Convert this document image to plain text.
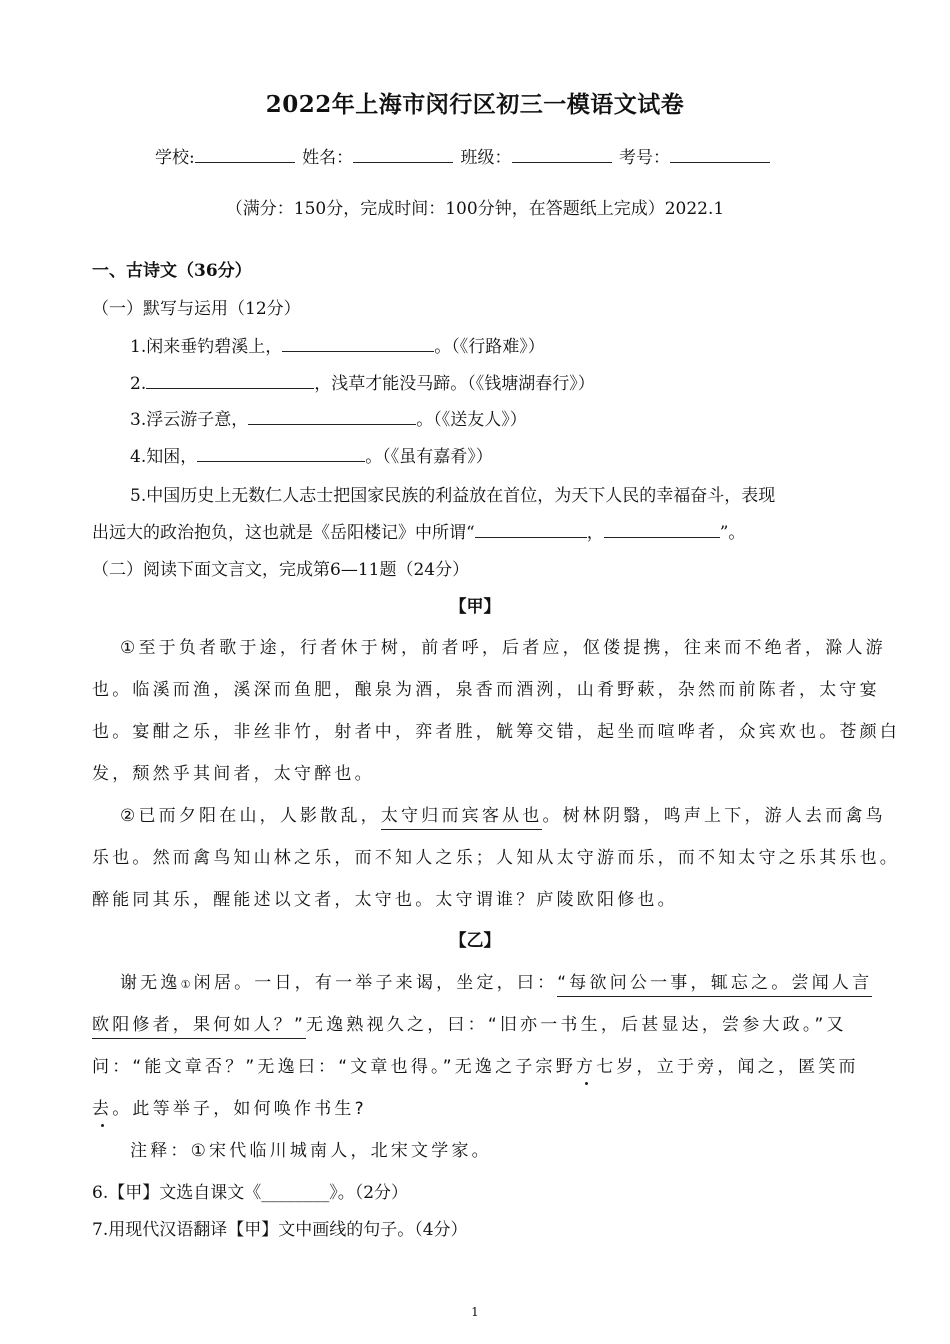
2022年上海市闵行区初三一模语文试卷
学校:	姓名：	班级：	考号：
（满分：150分，完成时间：100分钟，在答题纸上完成）2022.1
一、古诗文（36分）
（一）默写与运用（12分）
1.闲来垂钓碧溪上，	。（《行路难》）
2.	，浅草才能没马蹄。（《钱塘湖春行》）
3.浮云游子意，	。（《送友人》）
4.知困，	。（《虽有嘉肴》）
5.中国历史上无数仁人志士把国家民族的利益放在首位，为天下人民的幸福奋斗，表现
出远大的政治抱负，这也就是《岳阳楼记》中所谓“	，	”。
（二）阅读下面文言文，完成第6—11题（24分）
【甲】
①至于负者歌于途，行者休于树，前者呼，后者应，伛偻提携，往来而不绝者，滁人游
也。临溪而渔，溪深而鱼肥，酿泉为酒，泉香而酒洌，山肴野蔌，杂然而前陈者，太守宴
也。宴酣之乐，非丝非竹，射者中，弈者胜，觥筹交错，起坐而喧哗者，众宾欢也。苍颜白
发，颓然乎其间者，太守醉也。
②已而夕阳在山，人影散乱，太守归而宾客从也。树林阴翳，鸣声上下，游人去而禽鸟
乐也。然而禽鸟知山林之乐，而不知人之乐；人知从太守游而乐，而不知太守之乐其乐也。
醉能同其乐，醒能述以文者，太守也。太守谓谁？庐陵欧阳修也。
【乙】
谢无逸①闲居。一日，有一举子来谒，坐定，曰：“每欲问公一事，辄忘之。尝闻人言
欧阳修者，果何如人？”无逸熟视久之，曰：“旧亦一书生，后甚显达，尝参大政。”又
问：“能文章否？”无逸曰：“文章也得。”无逸之子宗野方七岁，立于旁，闻之，匿笑而
去。此等举子，如何唤作书生?
注释：①宋代临川城南人，北宋文学家。
6.【甲】文选自课文《________》。（2分）
7.用现代汉语翻译【甲】文中画线的句子。（4分）
1
